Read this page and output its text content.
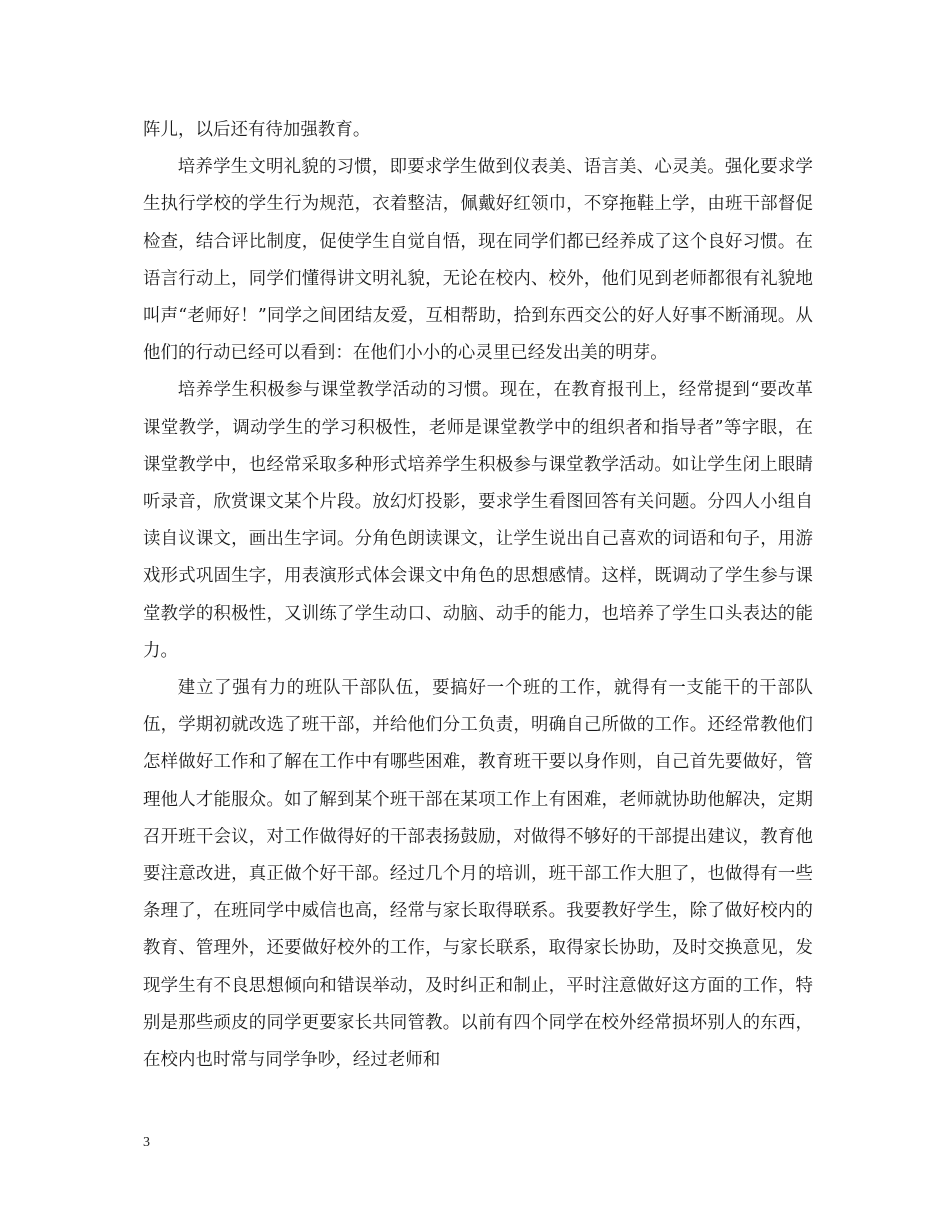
阵儿，以后还有待加强教育。

培养学生文明礼貌的习惯，即要求学生做到仪表美、语言美、心灵美。强化要求学生执行学校的学生行为规范，衣着整洁，佩戴好红领巾，不穿拖鞋上学，由班干部督促检查，结合评比制度，促使学生自觉自悟，现在同学们都已经养成了这个良好习惯。在语言行动上，同学们懂得讲文明礼貌，无论在校内、校外，他们见到老师都很有礼貌地叫声“老师好！”同学之间团结友爱，互相帮助，拾到东西交公的好人好事不断涌现。从他们的行动已经可以看到：在他们小小的心灵里已经发出美的明芽。

培养学生积极参与课堂教学活动的习惯。现在，在教育报刊上，经常提到“要改革课堂教学，调动学生的学习积极性，老师是课堂教学中的组织者和指导者”等字眼，在课堂教学中，也经常采取多种形式培养学生积极参与课堂教学活动。如让学生闭上眼睛听录音，欣赏课文某个片段。放幻灯投影，要求学生看图回答有关问题。分四人小组自读自议课文，画出生字词。分角色朗读课文，让学生说出自己喜欢的词语和句子，用游戏形式巩固生字，用表演形式体会课文中角色的思想感情。这样，既调动了学生参与课堂教学的积极性，又训练了学生动口、动脑、动手的能力，也培养了学生口头表达的能力。

建立了强有力的班队干部队伍，要搞好一个班的工作，就得有一支能干的干部队伍，学期初就改选了班干部，并给他们分工负责，明确自己所做的工作。还经常教他们怎样做好工作和了解在工作中有哪些困难，教育班干要以身作则，自己首先要做好，管理他人才能服众。如了解到某个班干部在某项工作上有困难，老师就协助他解决，定期召开班干会议，对工作做得好的干部表扬鼓励，对做得不够好的干部提出建议，教育他要注意改进，真正做个好干部。经过几个月的培训，班干部工作大胆了，也做得有一些条理了，在班同学中威信也高，经常与家长取得联系。我要教好学生，除了做好校内的教育、管理外，还要做好校外的工作，与家长联系，取得家长协助，及时交换意见，发现学生有不良思想倾向和错误举动，及时纠正和制止，平时注意做好这方面的工作，特别是那些顽皮的同学更要家长共同管教。以前有四个同学在校外经常损坏别人的东西，在校内也时常与同学争吵，经过老师和

3
